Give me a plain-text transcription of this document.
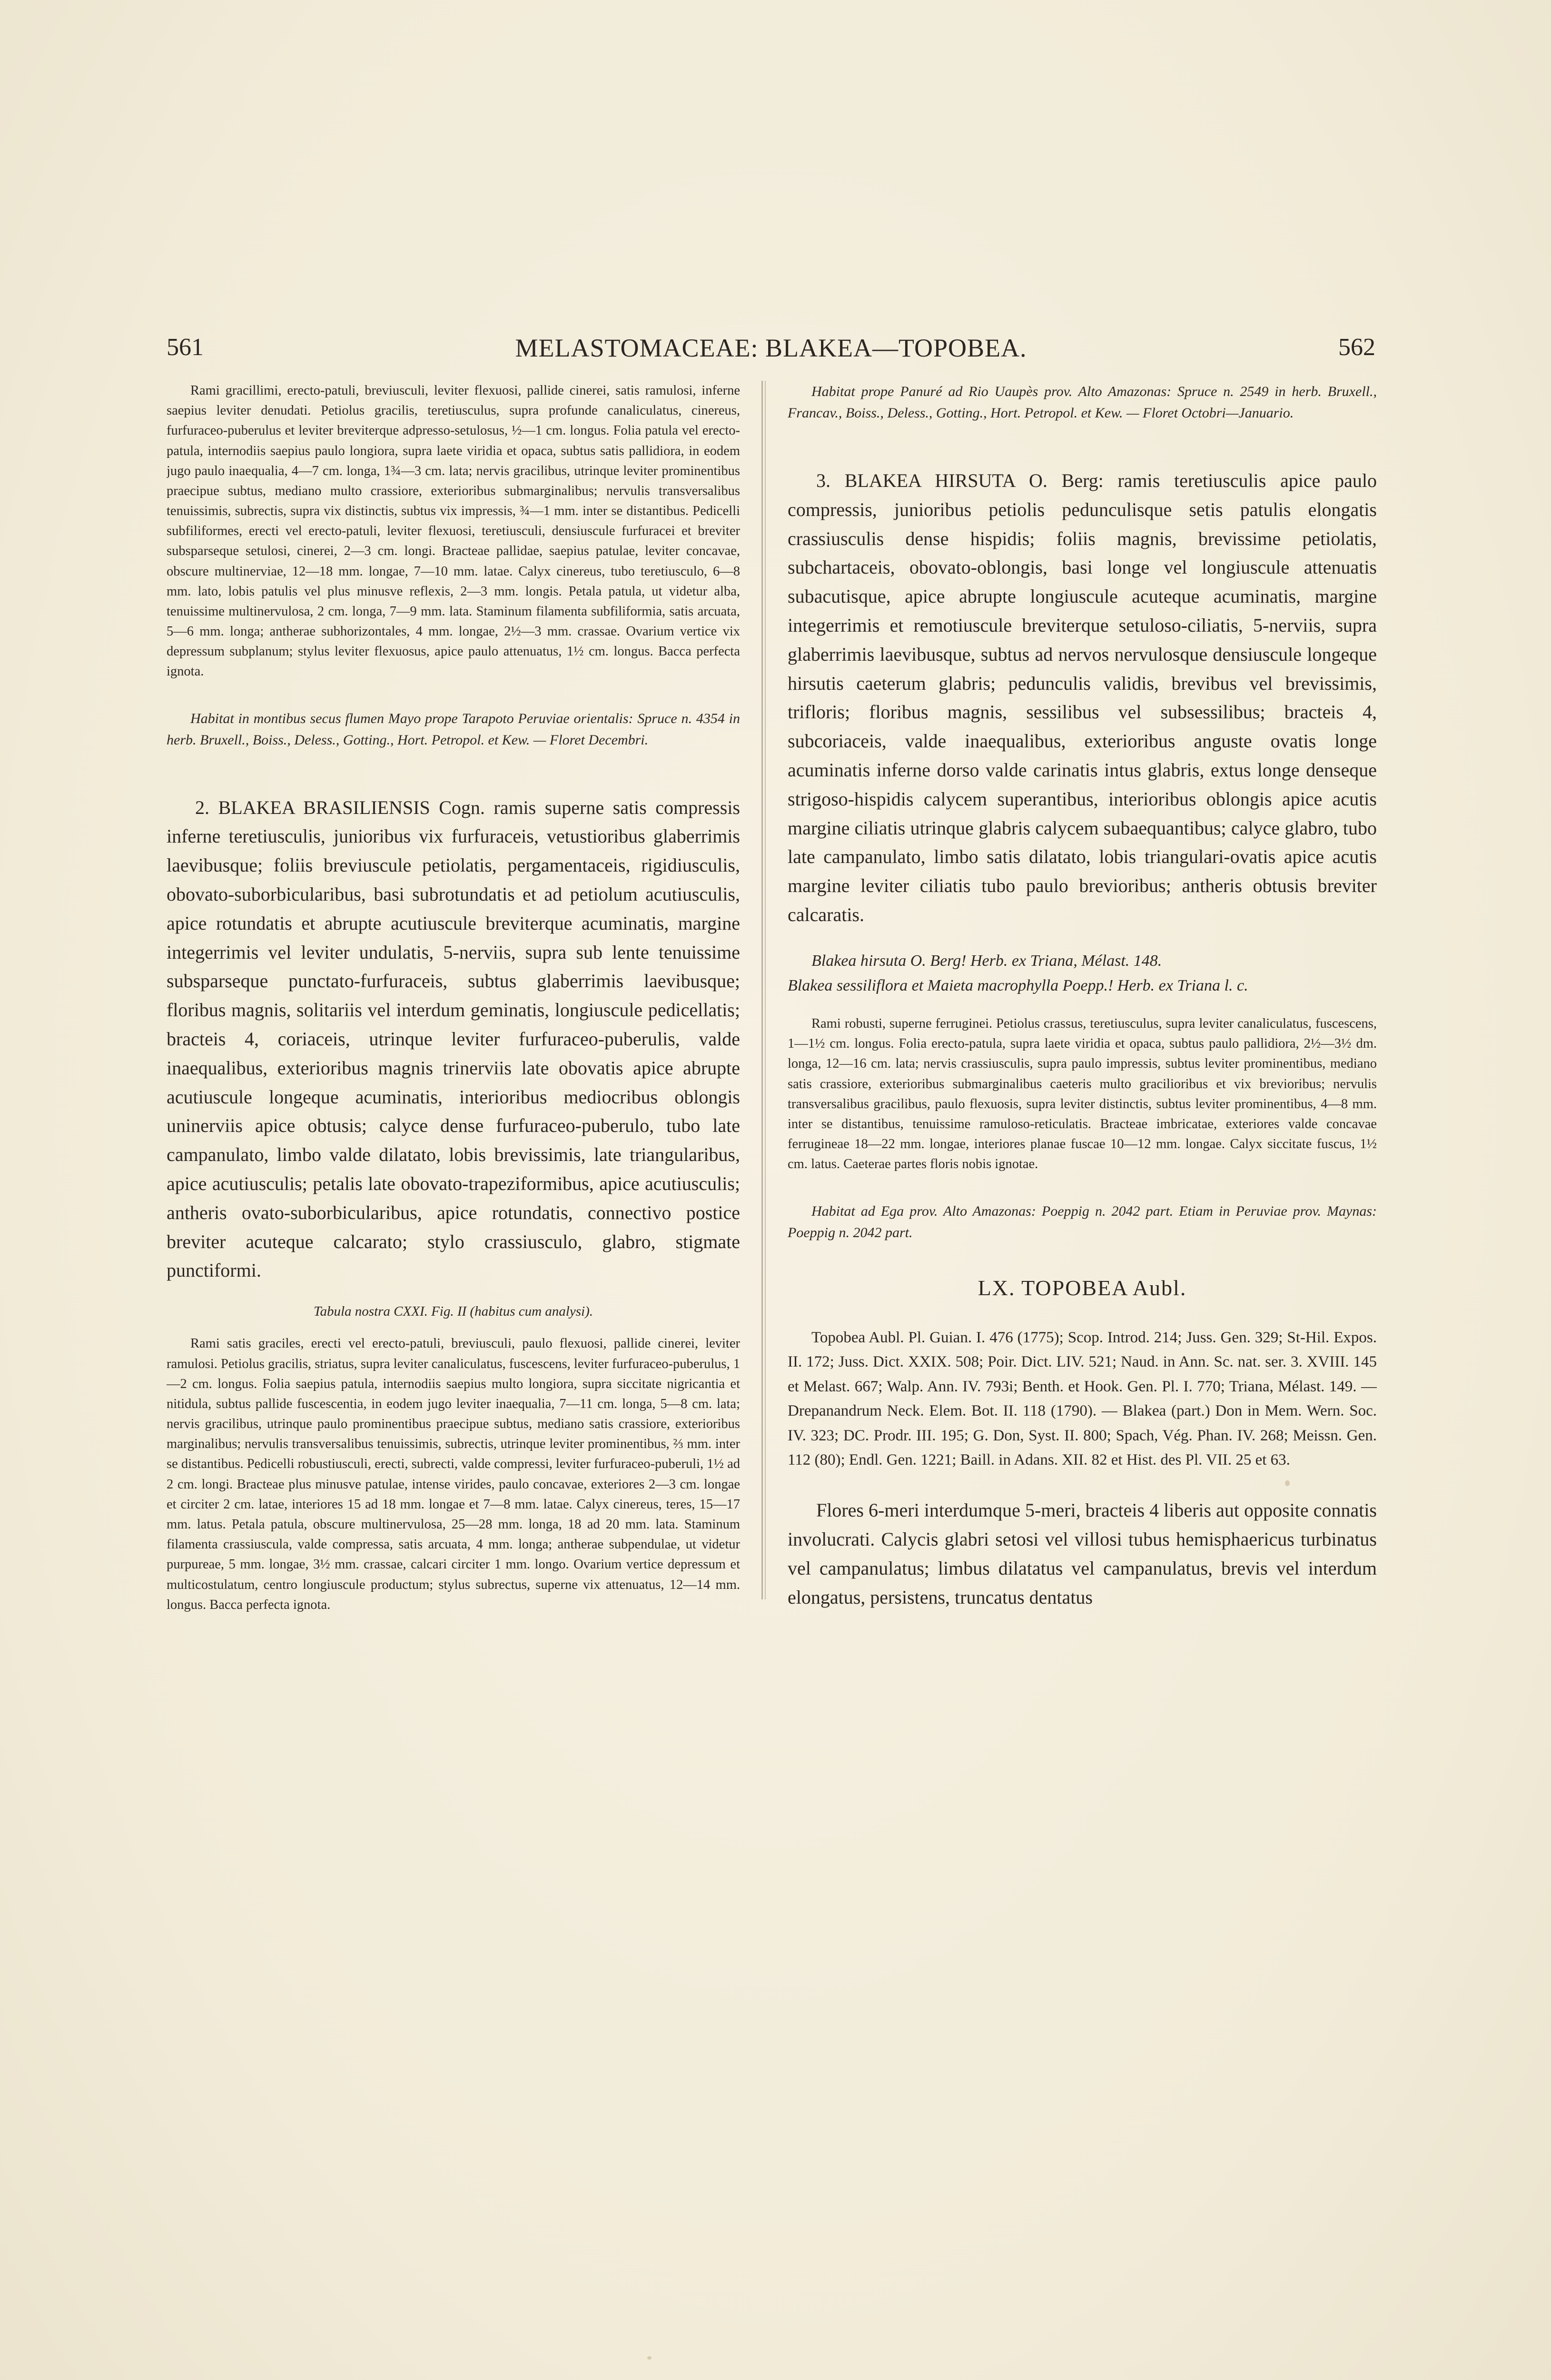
561	MELASTOMACEAE: BLAKEA—TOPOBEA.	562

Rami gracillimi, erecto-patuli, breviusculi, leviter flexuosi, pallide cinerei, satis ramulosi, inferne saepius leviter denudati. Petiolus gracilis, teretiusculus, supra profunde canaliculatus, cinereus, furfuraceo-puberulus et leviter breviterque adpresso-setulosus, ½—1 cm. longus. Folia patula vel erecto-patula, internodiis saepius paulo longiora, supra laete viridia et opaca, subtus satis pallidiora, in eodem jugo paulo inaequalia, 4—7 cm. longa, 1¾—3 cm. lata; nervis gracilibus, utrinque leviter prominentibus praecipue subtus, mediano multo crassiore, exterioribus submarginalibus; nervulis transversalibus tenuissimis, subrectis, supra vix distinctis, subtus vix impressis, ¾—1 mm. inter se distantibus. Pedicelli subfiliformes, erecti vel erecto-patuli, leviter flexuosi, teretiusculi, densiuscule furfuracei et breviter subsparseque setulosi, cinerei, 2—3 cm. longi. Bracteae pallidae, saepius patulae, leviter concavae, obscure multinerviae, 12—18 mm. longae, 7—10 mm. latae. Calyx cinereus, tubo teretiusculo, 6—8 mm. lato, lobis patulis vel plus minusve reflexis, 2—3 mm. longis. Petala patula, ut videtur alba, tenuissime multinervulosa, 2 cm. longa, 7—9 mm. lata. Staminum filamenta subfiliformia, satis arcuata, 5—6 mm. longa; antherae subhorizontales, 4 mm. longae, 2½—3 mm. crassae. Ovarium vertice vix depressum subplanum; stylus leviter flexuosus, apice paulo attenuatus, 1½ cm. longus. Bacca perfecta ignota.

Habitat in montibus secus flumen Mayo prope Tarapoto Peruviae orientalis: Spruce n. 4354 in herb. Bruxell., Boiss., Deless., Gotting., Hort. Petropol. et Kew. — Floret Decembri.

2. BLAKEA BRASILIENSIS Cogn. ramis superne satis compressis inferne teretiusculis, junioribus vix furfuraceis, vetustioribus glaberrimis laevibusque; foliis breviuscule petiolatis, pergamentaceis, rigidiusculis, obovato-suborbicularibus, basi subrotundatis et ad petiolum acutiusculis, apice rotundatis et abrupte acutiuscule breviterque acuminatis, margine integerrimis vel leviter undulatis, 5-nerviis, supra sub lente tenuissime subsparseque punctato-furfuraceis, subtus glaberrimis laevibusque; floribus magnis, solitariis vel interdum geminatis, longiuscule pedicellatis; bracteis 4, coriaceis, utrinque leviter furfuraceo-puberulis, valde inaequalibus, exterioribus magnis trinerviis late obovatis apice abrupte acutiuscule longeque acuminatis, interioribus mediocribus oblongis uninerviis apice obtusis; calyce dense furfuraceo-puberulo, tubo late campanulato, limbo valde dilatato, lobis brevissimis, late triangularibus, apice acutiusculis; petalis late obovato-trapeziformibus, apice acutiusculis; antheris ovato-suborbicularibus, apice rotundatis, connectivo postice breviter acuteque calcarato; stylo crassiusculo, glabro, stigmate punctiformi.

Tabula nostra CXXI. Fig. II (habitus cum analysi).

Rami satis graciles, erecti vel erecto-patuli, breviusculi, paulo flexuosi, pallide cinerei, leviter ramulosi. Petiolus gracilis, striatus, supra leviter canaliculatus, fuscescens, leviter furfuraceo-puberulus, 1—2 cm. longus. Folia saepius patula, internodiis saepius multo longiora, supra siccitate nigricantia et nitidula, subtus pallide fuscescentia, in eodem jugo leviter inaequalia, 7—11 cm. longa, 5—8 cm. lata; nervis gracilibus, utrinque paulo prominentibus praecipue subtus, mediano satis crassiore, exterioribus marginalibus; nervulis transversalibus tenuissimis, subrectis, utrinque leviter prominentibus, ⅔ mm. inter se distantibus. Pedicelli robustiusculi, erecti, subrecti, valde compressi, leviter furfuraceo-puberuli, 1½ ad 2 cm. longi. Bracteae plus minusve patulae, intense virides, paulo concavae, exteriores 2—3 cm. longae et circiter 2 cm. latae, interiores 15 ad 18 mm. longae et 7—8 mm. latae. Calyx cinereus, teres, 15—17 mm. latus. Petala patula, obscure multinervulosa, 25—28 mm. longa, 18 ad 20 mm. lata. Staminum filamenta crassiuscula, valde compressa, satis arcuata, 4 mm. longa; antherae subpendulae, ut videtur purpureae, 5 mm. longae, 3½ mm. crassae, calcari circiter 1 mm. longo. Ovarium vertice depressum et multicostulatum, centro longiuscule productum; stylus subrectus, superne vix attenuatus, 12—14 mm. longus. Bacca perfecta ignota.

Habitat prope Panuré ad Rio Uaupès prov. Alto Amazonas: Spruce n. 2549 in herb. Bruxell., Francav., Boiss., Deless., Gotting., Hort. Petropol. et Kew. — Floret Octobri—Januario.

3. BLAKEA HIRSUTA O. Berg: ramis teretiusculis apice paulo compressis, junioribus petiolis pedunculisque setis patulis elongatis crassiusculis dense hispidis; foliis magnis, brevissime petiolatis, subchartaceis, obovato-oblongis, basi longe vel longiuscule attenuatis subacutisque, apice abrupte longiuscule acuteque acuminatis, margine integerrimis et remotiuscule breviterque setuloso-ciliatis, 5-nerviis, supra glaberrimis laevibusque, subtus ad nervos nervulosque densiuscule longeque hirsutis caeterum glabris; pedunculis validis, brevibus vel brevissimis, trifloris; floribus magnis, sessilibus vel subsessilibus; bracteis 4, subcoriaceis, valde inaequalibus, exterioribus anguste ovatis longe acuminatis inferne dorso valde carinatis intus glabris, extus longe denseque strigoso-hispidis calycem superantibus, interioribus oblongis apice acutis margine ciliatis utrinque glabris calycem subaequantibus; calyce glabro, tubo late campanulato, limbo satis dilatato, lobis triangulari-ovatis apice acutis margine leviter ciliatis tubo paulo brevioribus; antheris obtusis breviter calcaratis.

Blakea hirsuta O. Berg! Herb. ex Triana, Mélast. 148.
Blakea sessiliflora et Maieta macrophylla Poepp.! Herb. ex Triana l. c.

Rami robusti, superne ferruginei. Petiolus crassus, teretiusculus, supra leviter canaliculatus, fuscescens, 1—1½ cm. longus. Folia erecto-patula, supra laete viridia et opaca, subtus paulo pallidiora, 2½—3½ dm. longa, 12—16 cm. lata; nervis crassiusculis, supra paulo impressis, subtus leviter prominentibus, mediano satis crassiore, exterioribus submarginalibus caeteris multo gracilioribus et vix brevioribus; nervulis transversalibus gracilibus, paulo flexuosis, supra leviter distinctis, subtus leviter prominentibus, 4—8 mm. inter se distantibus, tenuissime ramuloso-reticulatis. Bracteae imbricatae, exteriores valde concavae ferrugineae 18—22 mm. longae, interiores planae fuscae 10—12 mm. longae. Calyx siccitate fuscus, 1½ cm. latus. Caeterae partes floris nobis ignotae.

Habitat ad Ega prov. Alto Amazonas: Poeppig n. 2042 part. Etiam in Peruviae prov. Maynas: Poeppig n. 2042 part.

LX. TOPOBEA Aubl.

Topobea Aubl. Pl. Guian. I. 476 (1775); Scop. Introd. 214; Juss. Gen. 329; St-Hil. Expos. II. 172; Juss. Dict. XXIX. 508; Poir. Dict. LIV. 521; Naud. in Ann. Sc. nat. ser. 3. XVIII. 145 et Melast. 667; Walp. Ann. IV. 793i; Benth. et Hook. Gen. Pl. I. 770; Triana, Mélast. 149. — Drepanandrum Neck. Elem. Bot. II. 118 (1790). — Blakea (part.) Don in Mem. Wern. Soc. IV. 323; DC. Prodr. III. 195; G. Don, Syst. II. 800; Spach, Vég. Phan. IV. 268; Meissn. Gen. 112 (80); Endl. Gen. 1221; Baill. in Adans. XII. 82 et Hist. des Pl. VII. 25 et 63.

Flores 6-meri interdumque 5-meri, bracteis 4 liberis aut opposite connatis involucrati. Calycis glabri setosi vel villosi tubus hemisphaericus turbinatus vel campanulatus; limbus dilatatus vel campanulatus, brevis vel interdum elongatus, persistens, truncatus dentatus
